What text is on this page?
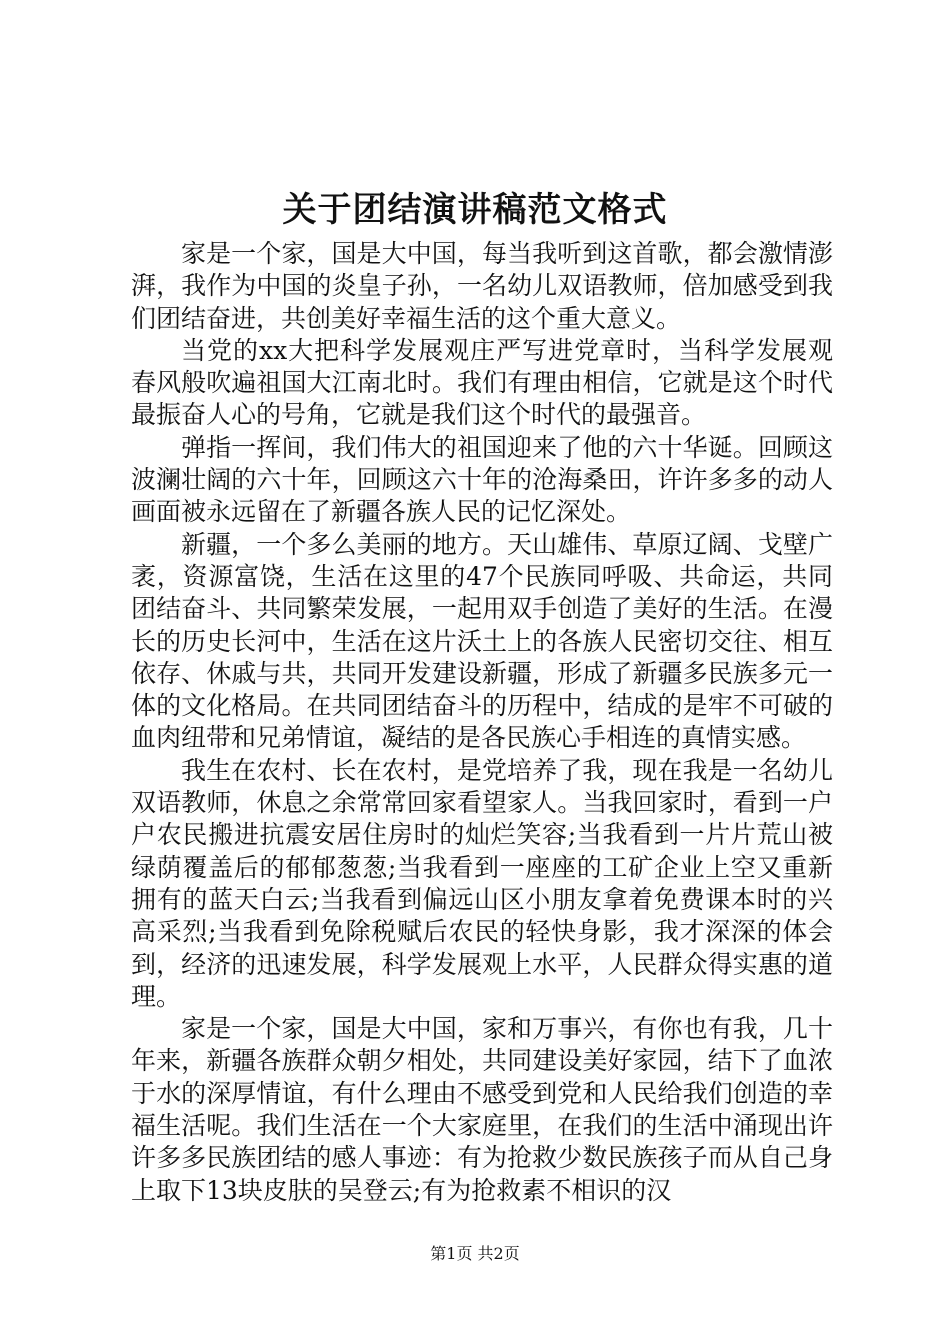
关于团结演讲稿范文格式

家是一个家，国是大中国，每当我听到这首歌，都会激情澎湃，我作为中国的炎皇子孙，一名幼儿双语教师，倍加感受到我们团结奋进，共创美好幸福生活的这个重大意义。

当党的xx大把科学发展观庄严写进党章时，当科学发展观春风般吹遍祖国大江南北时。我们有理由相信，它就是这个时代最振奋人心的号角，它就是我们这个时代的最强音。

弹指一挥间，我们伟大的祖国迎来了他的六十华诞。回顾这波澜壮阔的六十年，回顾这六十年的沧海桑田，许许多多的动人画面被永远留在了新疆各族人民的记忆深处。

新疆，一个多么美丽的地方。天山雄伟、草原辽阔、戈壁广袤，资源富饶，生活在这里的47个民族同呼吸、共命运，共同团结奋斗、共同繁荣发展，一起用双手创造了美好的生活。在漫长的历史长河中，生活在这片沃土上的各族人民密切交往、相互依存、休戚与共，共同开发建设新疆，形成了新疆多民族多元一体的文化格局。在共同团结奋斗的历程中，结成的是牢不可破的血肉纽带和兄弟情谊，凝结的是各民族心手相连的真情实感。

我生在农村、长在农村，是党培养了我，现在我是一名幼儿双语教师，休息之余常常回家看望家人。当我回家时，看到一户户农民搬进抗震安居住房时的灿烂笑容;当我看到一片片荒山被绿荫覆盖后的郁郁葱葱;当我看到一座座的工矿企业上空又重新拥有的蓝天白云;当我看到偏远山区小朋友拿着免费课本时的兴高采烈;当我看到免除税赋后农民的轻快身影，我才深深的体会到，经济的迅速发展，科学发展观上水平，人民群众得实惠的道理。

家是一个家，国是大中国，家和万事兴，有你也有我，几十年来，新疆各族群众朝夕相处，共同建设美好家园，结下了血浓于水的深厚情谊，有什么理由不感受到党和人民给我们创造的幸福生活呢。我们生活在一个大家庭里，在我们的生活中涌现出许许多多民族团结的感人事迹：有为抢救少数民族孩子而从自己身上取下13块皮肤的吴登云;有为抢救素不相识的汉

第1页 共2页
